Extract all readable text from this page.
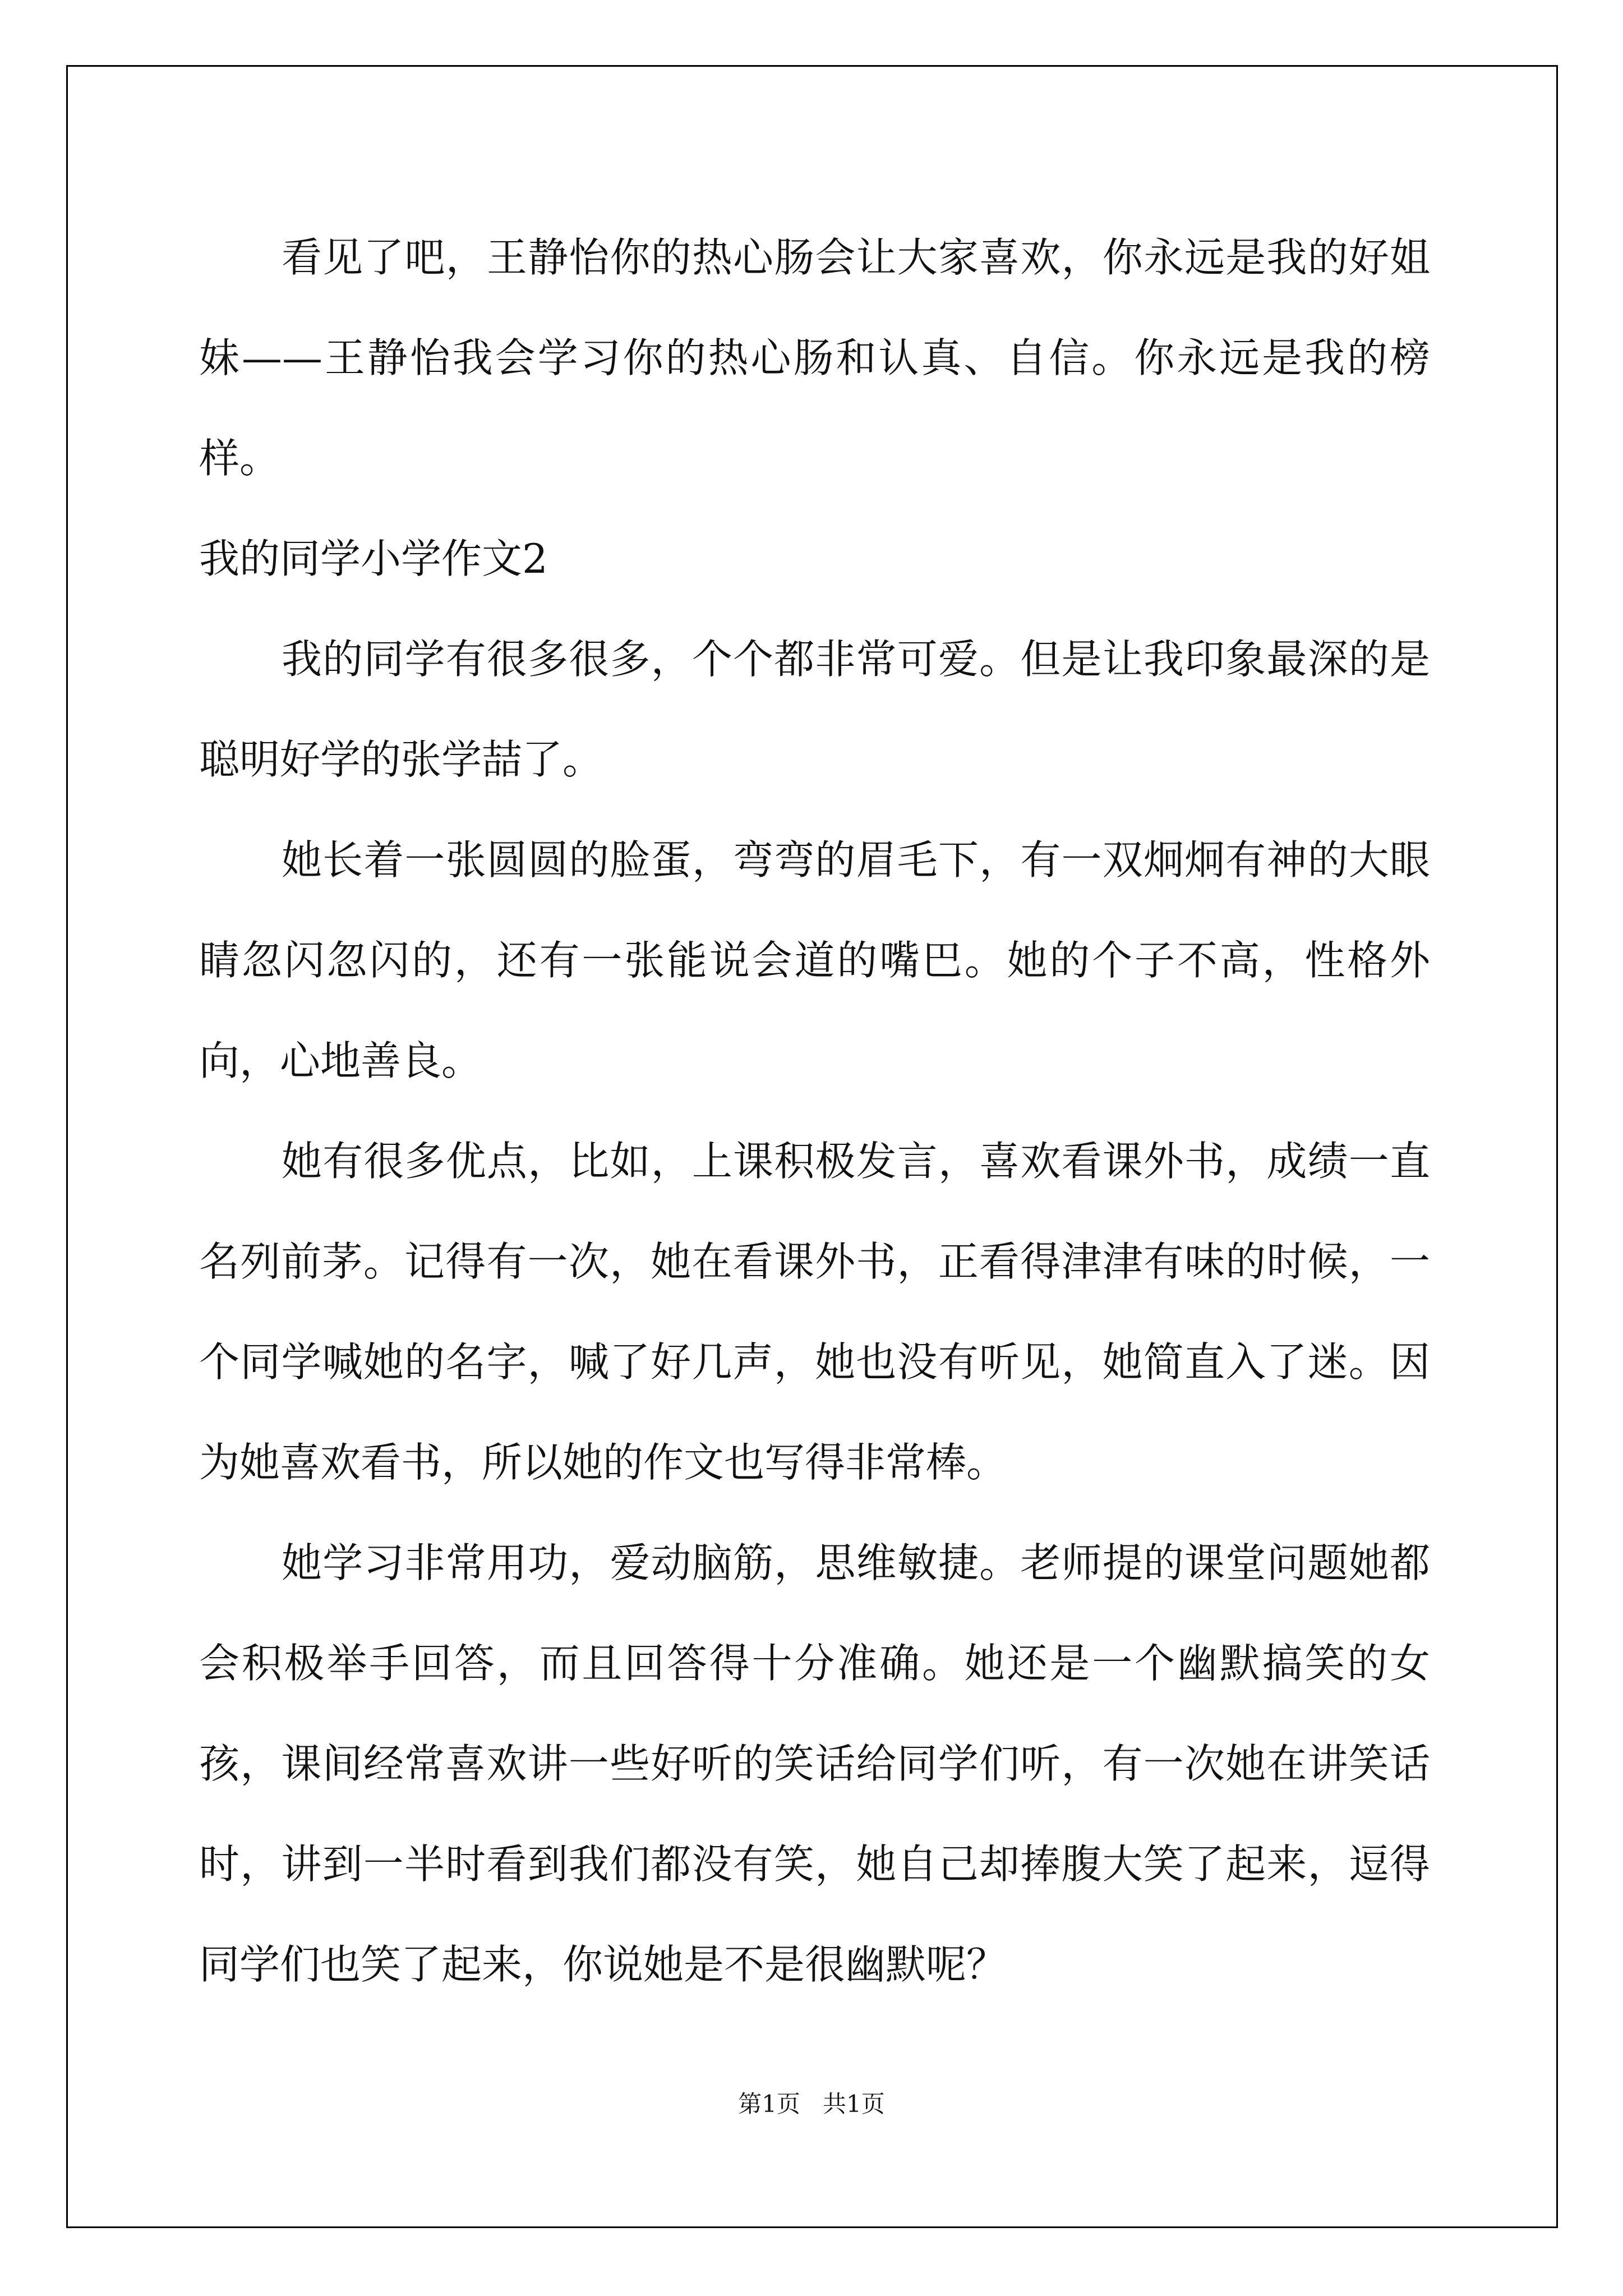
看见了吧，王静怡你的热心肠会让大家喜欢，你永远是我的好姐妹——王静怡我会学习你的热心肠和认真、自信。你永远是我的榜样。

我的同学小学作文2

我的同学有很多很多，个个都非常可爱。但是让我印象最深的是聪明好学的张学喆了。

她长着一张圆圆的脸蛋，弯弯的眉毛下，有一双炯炯有神的大眼睛忽闪忽闪的，还有一张能说会道的嘴巴。她的个子不高，性格外向，心地善良。

她有很多优点，比如，上课积极发言，喜欢看课外书，成绩一直名列前茅。记得有一次，她在看课外书，正看得津津有味的时候，一个同学喊她的名字，喊了好几声，她也没有听见，她简直入了迷。因为她喜欢看书，所以她的作文也写得非常棒。

她学习非常用功，爱动脑筋，思维敏捷。老师提的课堂问题她都会积极举手回答，而且回答得十分准确。她还是一个幽默搞笑的女孩，课间经常喜欢讲一些好听的笑话给同学们听，有一次她在讲笑话时，讲到一半时看到我们都没有笑，她自己却捧腹大笑了起来，逗得同学们也笑了起来，你说她是不是很幽默呢？

第1页   共1页
